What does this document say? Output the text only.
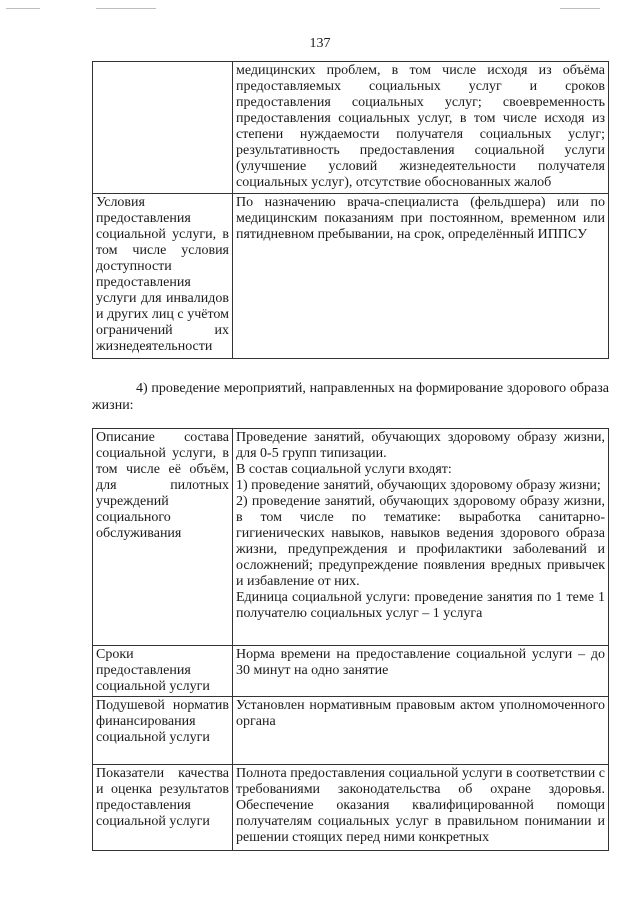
137
	медицинских проблем, в том числе исходя из объёма предоставляемых социальных услуг и сроков предоставления социальных услуг; своевременность предоставления социальных услуг, в том числе исходя из степени нуждаемости получателя социальных услуг; результативность предоставления социальной услуги (улучшение условий жизнедеятельности получателя социальных услуг), отсутствие обоснованных жалоб
Условия предоставления социальной услуги, в том числе условия доступности предоставления услуги для инвалидов и других лиц с учётом ограничений их жизнедеятельности	По назначению врача-специалиста (фельдшера) или по медицинским показаниям при постоянном, временном или пятидневном пребывании, на срок, определённый ИППСУ
4) проведение мероприятий, направленных на формирование здорового образа жизни:
Описание состава социальной услуги, в том числе её объём, для пилотных учреждений социального обслуживания	Проведение занятий, обучающих здоровому образу жизни, для 0-5 групп типизации.
В состав социальной услуги входят:
1) проведение занятий, обучающих здоровому образу жизни;
2) проведение занятий, обучающих здоровому образу жизни, в том числе по тематике: выработка санитарно-гигиенических навыков, навыков ведения здорового образа жизни, предупреждения и профилактики заболеваний и осложнений; предупреждение появления вредных привычек и избавление от них.
Единица социальной услуги: проведение занятия по 1 теме 1 получателю социальных услуг – 1 услуга

Сроки предоставления социальной услуги	Норма времени на предоставление социальной услуги – до 30 минут на одно занятие

Подушевой норматив финансирования социальной услуги	Установлен нормативным правовым актом уполномоченного органа

Показатели качества и оценка результатов предоставления социальной услуги	Полнота предоставления социальной услуги в соответствии с требованиями законодательства об охране здоровья. Обеспечение оказания квалифицированной помощи получателям социальных услуг в правильном понимании и решении стоящих перед ними конкретных
